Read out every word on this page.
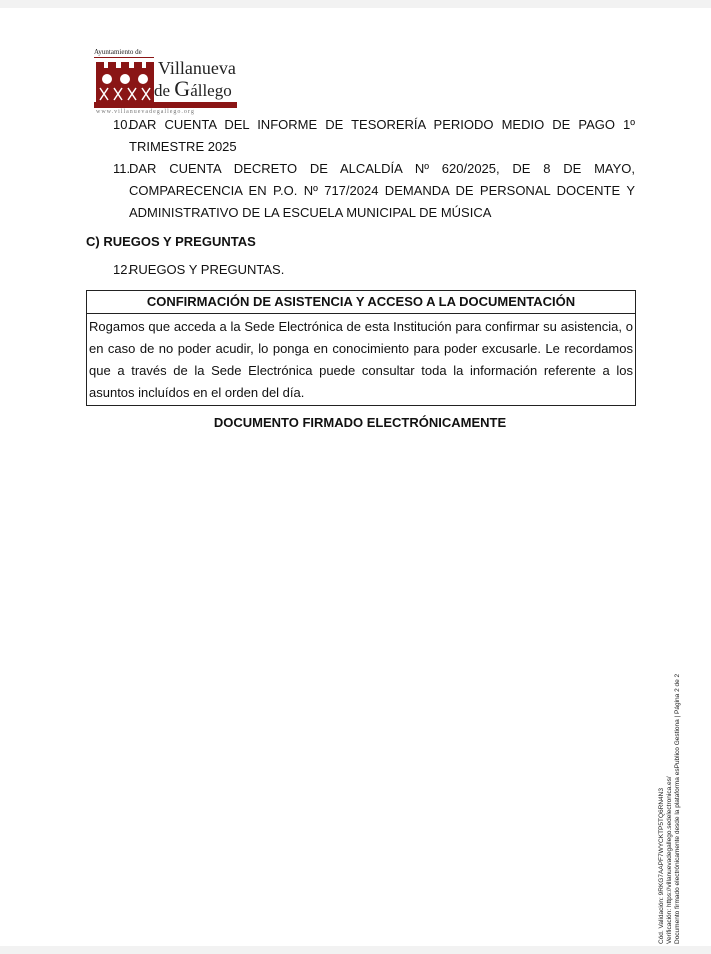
Ayuntamiento de
Villanueva
de Gállego
www.villanuevadegallego.org
10.
DAR CUENTA DEL INFORME DE TESORERÍA PERIODO MEDIO DE PAGO 1º
TRIMESTRE 2025
11.
DAR CUENTA DECRETO DE ALCALDÍA Nº 620/2025, DE 8 DE MAYO,
COMPARECENCIA EN P.O. Nº 717/2024 DEMANDA DE PERSONAL DOCENTE Y
ADMINISTRATIVO DE LA ESCUELA MUNICIPAL DE MÚSICA
C) RUEGOS Y PREGUNTAS
12.
RUEGOS Y PREGUNTAS.
CONFIRMACIÓN DE ASISTENCIA Y ACCESO A LA DOCUMENTACIÓN
Rogamos que acceda a la Sede Electrónica de esta Institución para confirmar su asistencia, o en caso de no poder acudir, lo ponga en conocimiento para poder excusarle. Le recordamos que a través de la Sede Electrónica puede consultar toda la información referente a los asuntos incluídos en el orden del día.
DOCUMENTO FIRMADO ELECTRÓNICAMENTE
Cód. Validación: 9RKG7AAPF7WYCKTP5TQ6RN4N3 Verificación: https://villanuevadegallego.sedelectronica.es/ Documento firmado electrónicamente desde la plataforma esPublico Gestiona | Página 2 de 2
